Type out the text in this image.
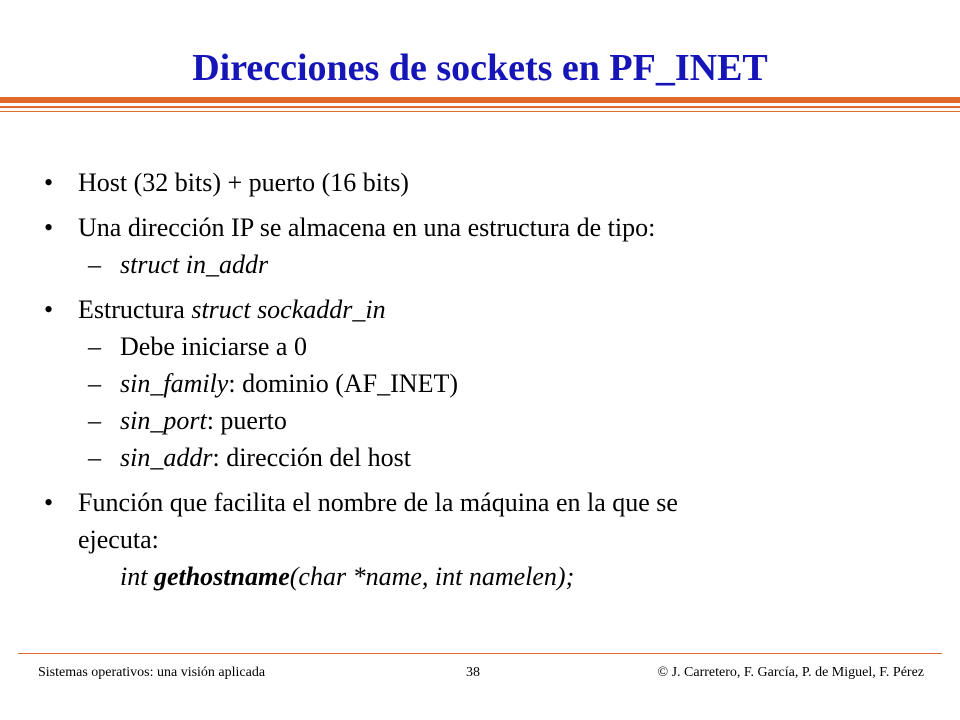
Direcciones de sockets en PF_INET
• Host (32 bits) + puerto (16 bits)
• Una dirección IP se almacena en una estructura de tipo:
– struct in_addr
• Estructura struct sockaddr_in
– Debe iniciarse a 0
– sin_family: dominio (AF_INET)
– sin_port: puerto
– sin_addr: dirección del host
• Función que facilita el nombre de la máquina en la que se
ejecuta:
int gethostname(char *name, int namelen);
Sistemas operativos: una visión aplicada	38	© J. Carretero, F. García, P. de Miguel, F. Pérez
